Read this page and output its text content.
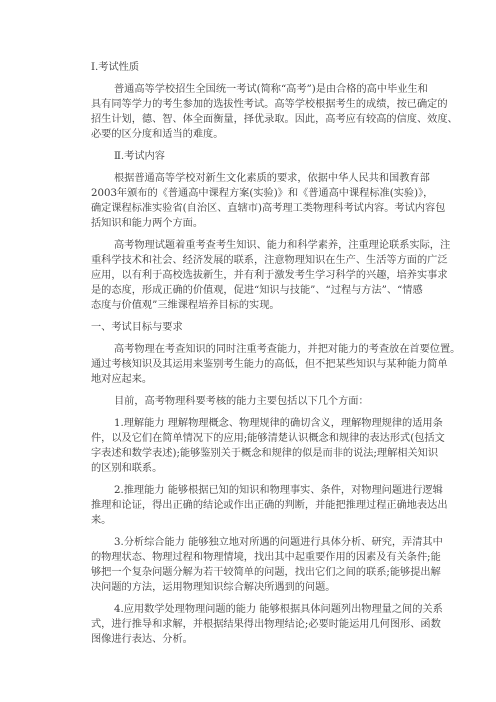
Ⅰ.考试性质
普通高等学校招生全国统一考试(简称“高考”)是由合格的高中毕业生和
具有同等学力的考生参加的选拔性考试。高等学校根据考生的成绩，按已确定的
招生计划，德、智、体全面衡量，择优录取。因此，高考应有较高的信度、效度、
必要的区分度和适当的难度。
Ⅱ.考试内容
根据普通高等学校对新生文化素质的要求，依据中华人民共和国教育部
2003年颁布的《普通高中课程方案(实验)》和《普通高中课程标准(实验)》，
确定课程标准实验省(自治区、直辖市)高考理工类物理科考试内容。考试内容包
括知识和能力两个方面。
高考物理试题着重考查考生知识、能力和科学素养，注重理论联系实际，注
重科学技术和社会、经济发展的联系，注意物理知识在生产、生活等方面的广泛
应用，以有利于高校选拔新生，并有利于激发考生学习科学的兴趣，培养实事求
是的态度，形成正确的价值观，促进“知识与技能”、“过程与方法”、“情感
态度与价值观”三维课程培养目标的实现。
一、考试目标与要求
高考物理在考查知识的同时注重考查能力，并把对能力的考查放在首要位置。
通过考核知识及其运用来鉴别考生能力的高低，但不把某些知识与某种能力简单
地对应起来。
目前，高考物理科要考核的能力主要包括以下几个方面：
1.理解能力 理解物理概念、物理规律的确切含义，理解物理规律的适用条
件，以及它们在简单情况下的应用;能够清楚认识概念和规律的表达形式(包括文
字表述和数学表述);能够鉴别关于概念和规律的似是而非的说法;理解相关知识
的区别和联系。
2.推理能力 能够根据已知的知识和物理事实、条件，对物理问题进行逻辑
推理和论证，得出正确的结论或作出正确的判断，并能把推理过程正确地表达出
来。
3.分析综合能力 能够独立地对所遇的问题进行具体分析、研究，弄清其中
的物理状态、物理过程和物理情境，找出其中起重要作用的因素及有关条件;能
够把一个复杂问题分解为若干较简单的问题，找出它们之间的联系;能够提出解
决问题的方法，运用物理知识综合解决所遇到的问题。
4.应用数学处理物理问题的能力 能够根据具体问题列出物理量之间的关系
式，进行推导和求解，并根据结果得出物理结论;必要时能运用几何图形、函数
图像进行表达、分析。
